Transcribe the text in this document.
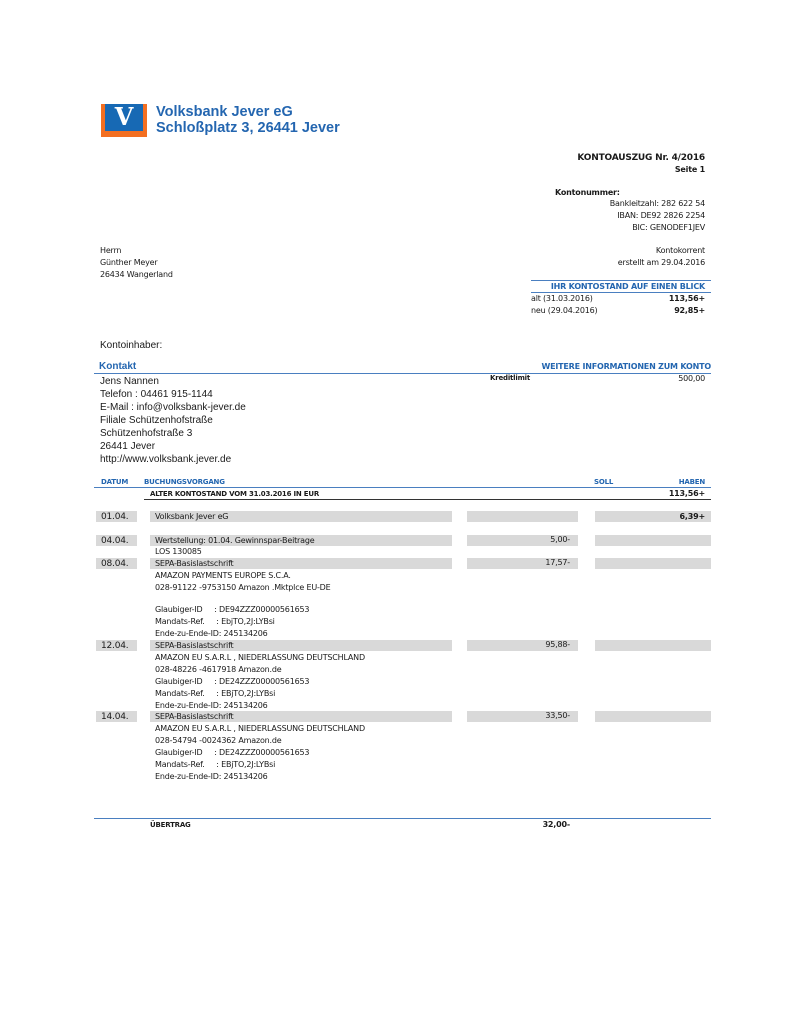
V	Volksbank Jever eG
Schloßplatz 3, 26441 Jever
KONTOAUSZUG Nr. 4/2016
Seite 1
Kontonummer:
Bankleitzahl: 282 622 54
IBAN: DE92 2826 2254
BIC: GENODEF1JEV
Kontokorrent
erstellt am 29.04.2016
Herrn
Günther Meyer
26434 Wangerland
IHR KONTOSTAND AUF EINEN BLICK
alt (31.03.2016)	113,56+
neu (29.04.2016)	92,85+
Kontoinhaber:
Kontakt	WEITERE INFORMATIONEN ZUM KONTO
Jens Nannen
Telefon : 04461 915-1144
E-Mail : info@volksbank-jever.de
Filiale Schützenhofstraße
Schützenhofstraße 3
26441 Jever
http://www.volksbank.jever.de
Kreditlimit	500,00
DATUM BUCHUNGSVORGANG	SOLL	HABEN
ALTER KONTOSTAND VOM 31.03.2016 IN EUR	113,56+
01.04.	Volksbank Jever eG	6,39+
04.04.	Wertstellung: 01.04. Gewinnspar-Beitrage	5,00-
LOS 130085
08.04.	SEPA-Basislastschrift	17,57-
AMAZON PAYMENTS EUROPE S.C.A.
028-91122 -9753150 Amazon .Mktplce EU-DE
Glaubiger-ID     : DE94ZZZ00000561653
Mandats-Ref.     : EbjTO,2J:LYBsi
Ende-zu-Ende-ID: 245134206
12.04.	SEPA-Basislastschrift	95,88-
AMAZON EU S.A.R.L , NIEDERLASSUNG DEUTSCHLAND
028-48226 -4617918 Amazon.de
Glaubiger-ID     : DE24ZZZ00000561653
Mandats-Ref.     : EBjTO,2J:LYBsi
Ende-zu-Ende-ID: 245134206
14.04.	SEPA-Basislastschrift	33,50-
AMAZON EU S.A.R.L , NIEDERLASSUNG DEUTSCHLAND
028-54794 -0024362 Amazon.de
Glaubiger-ID     : DE24ZZZ00000561653
Mandats-Ref.     : EBjTO,2J:LYBsi
Ende-zu-Ende-ID: 245134206
ÜBERTRAG	32,00-
